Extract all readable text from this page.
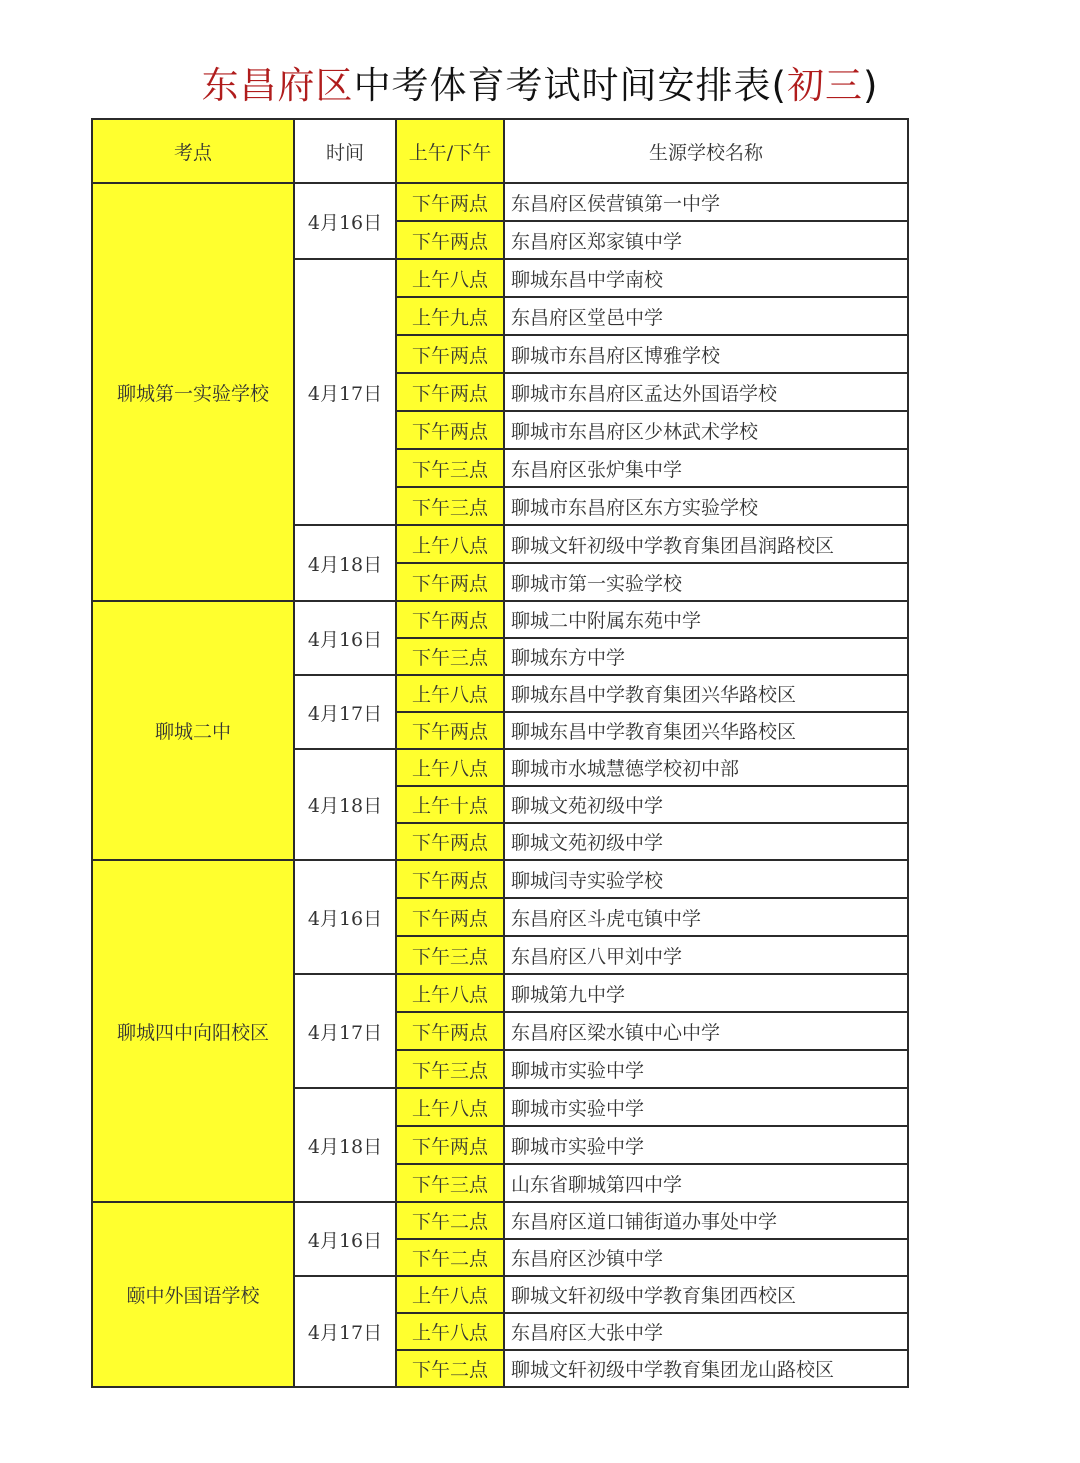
东昌府区中考体育考试时间安排表(初三)
考点	时间	上午/下午	生源学校名称
聊城第一实验学校	4月16日	下午两点	东昌府区侯营镇第一中学
		下午两点	东昌府区郑家镇中学
	4月17日	上午八点	聊城东昌中学南校
		上午九点	东昌府区堂邑中学
		下午两点	聊城市东昌府区博雅学校
		下午两点	聊城市东昌府区孟达外国语学校
		下午两点	聊城市东昌府区少林武术学校
		下午三点	东昌府区张炉集中学
		下午三点	聊城市东昌府区东方实验学校
	4月18日	上午八点	聊城文轩初级中学教育集团昌润路校区
		下午两点	聊城市第一实验学校
聊城二中	4月16日	下午两点	聊城二中附属东苑中学
		下午三点	聊城东方中学
	4月17日	上午八点	聊城东昌中学教育集团兴华路校区
		下午两点	聊城东昌中学教育集团兴华路校区
	4月18日	上午八点	聊城市水城慧德学校初中部
		上午十点	聊城文苑初级中学
		下午两点	聊城文苑初级中学
聊城四中向阳校区	4月16日	下午两点	聊城闫寺实验学校
		下午两点	东昌府区斗虎屯镇中学
		下午三点	东昌府区八甲刘中学
	4月17日	上午八点	聊城第九中学
		下午两点	东昌府区梁水镇中心中学
		下午三点	聊城市实验中学
	4月18日	上午八点	聊城市实验中学
		下午两点	聊城市实验中学
		下午三点	山东省聊城第四中学
颐中外国语学校	4月16日	下午二点	东昌府区道口铺街道办事处中学
		下午二点	东昌府区沙镇中学
	4月17日	上午八点	聊城文轩初级中学教育集团西校区
		上午八点	东昌府区大张中学
		下午二点	聊城文轩初级中学教育集团龙山路校区
